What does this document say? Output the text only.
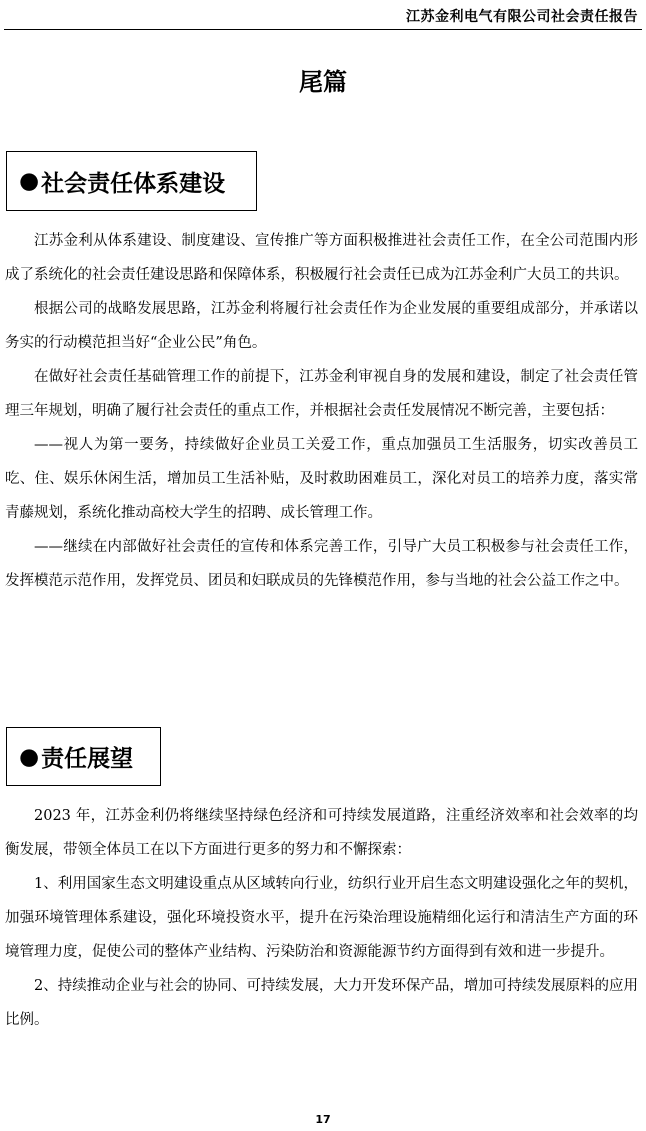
江苏金利电气有限公司社会责任报告
尾篇
● 社会责任体系建设

江苏金利从体系建设、制度建设、宣传推广等方面积极推进社会责任工作，在全公司范围内形成了系统化的社会责任建设思路和保障体系，积极履行社会责任已成为江苏金利广大员工的共识。

根据公司的战略发展思路，江苏金利将履行社会责任作为企业发展的重要组成部分，并承诺以务实的行动模范担当好“企业公民”角色。

在做好社会责任基础管理工作的前提下，江苏金利审视自身的发展和建设，制定了社会责任管理三年规划，明确了履行社会责任的重点工作，并根据社会责任发展情况不断完善，主要包括：

——视人为第一要务，持续做好企业员工关爱工作，重点加强员工生活服务，切实改善员工吃、住、娱乐休闲生活，增加员工生活补贴，及时救助困难员工，深化对员工的培养力度，落实常青藤规划，系统化推动高校大学生的招聘、成长管理工作。

——继续在内部做好社会责任的宣传和体系完善工作，引导广大员工积极参与社会责任工作，发挥模范示范作用，发挥党员、团员和妇联成员的先锋模范作用，参与当地的社会公益工作之中。

● 责任展望

2023 年，江苏金利仍将继续坚持绿色经济和可持续发展道路，注重经济效率和社会效率的均衡发展，带领全体员工在以下方面进行更多的努力和不懈探索：

1、利用国家生态文明建设重点从区域转向行业，纺织行业开启生态文明建设强化之年的契机，加强环境管理体系建设，强化环境投资水平，提升在污染治理设施精细化运行和清洁生产方面的环境管理力度，促使公司的整体产业结构、污染防治和资源能源节约方面得到有效和进一步提升。

2、持续推动企业与社会的协同、可持续发展，大力开发环保产品，增加可持续发展原料的应用比例。

17
